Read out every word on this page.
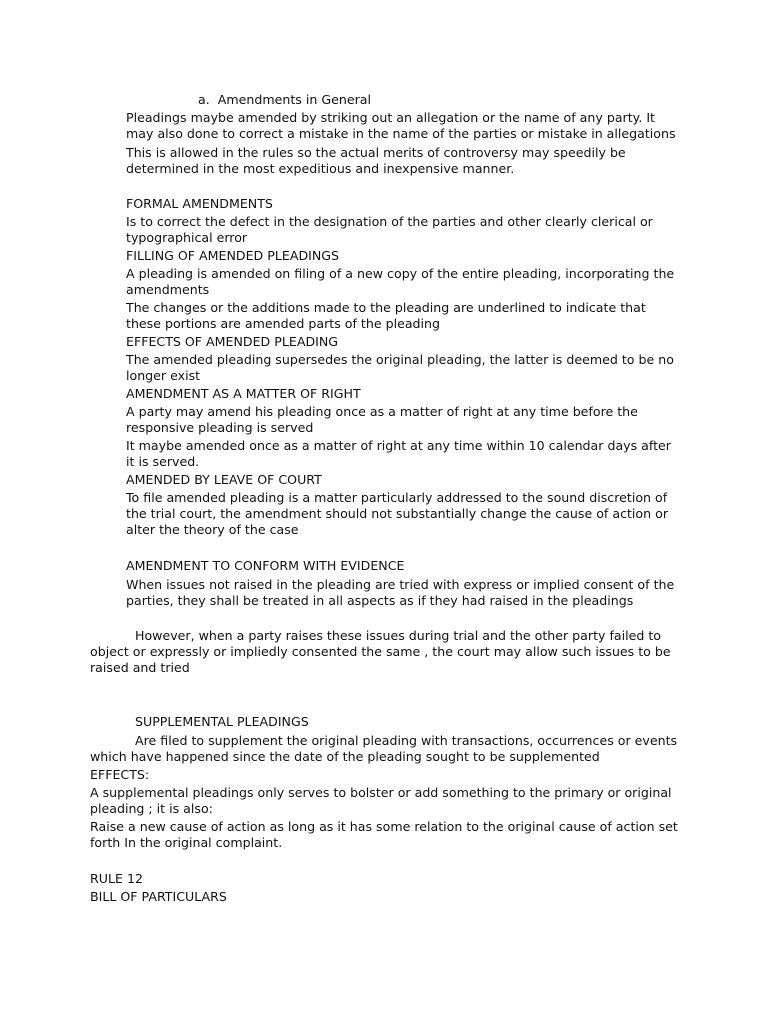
a. Amendments in General
Pleadings maybe amended by striking out an allegation or the name of any party. It
may also done to correct a mistake in the name of the parties or mistake in allegations
This is allowed in the rules so the actual merits of controversy may speedily be
determined in the most expeditious and inexpensive manner.
FORMAL AMENDMENTS
Is to correct the defect in the designation of the parties and other clearly clerical or
typographical error
FILLING OF AMENDED PLEADINGS
A pleading is amended on filing of a new copy of the entire pleading, incorporating the
amendments
The changes or the additions made to the pleading are underlined to indicate that
these portions are amended parts of the pleading
EFFECTS OF AMENDED PLEADING
The amended pleading supersedes the original pleading, the latter is deemed to be no
longer exist
AMENDMENT AS A MATTER OF RIGHT
A party may amend his pleading once as a matter of right at any time before the
responsive pleading is served
It maybe amended once as a matter of right at any time within 10 calendar days after
it is served.
AMENDED BY LEAVE OF COURT
To file amended pleading is a matter particularly addressed to the sound discretion of
the trial court, the amendment should not substantially change the cause of action or
alter the theory of the case
AMENDMENT TO CONFORM WITH EVIDENCE
When issues not raised in the pleading are tried with express or implied consent of the
parties, they shall be treated in all aspects as if they had raised in the pleadings
However, when a party raises these issues during trial and the other party failed to
object or expressly or impliedly consented the same , the court may allow such issues to be
raised and tried
SUPPLEMENTAL PLEADINGS
Are filed to supplement the original pleading with transactions, occurrences or events
which have happened since the date of the pleading sought to be supplemented
EFFECTS:
A supplemental pleadings only serves to bolster or add something to the primary or original
pleading ; it is also:
Raise a new cause of action as long as it has some relation to the original cause of action set
forth In the original complaint.
RULE 12
BILL OF PARTICULARS
